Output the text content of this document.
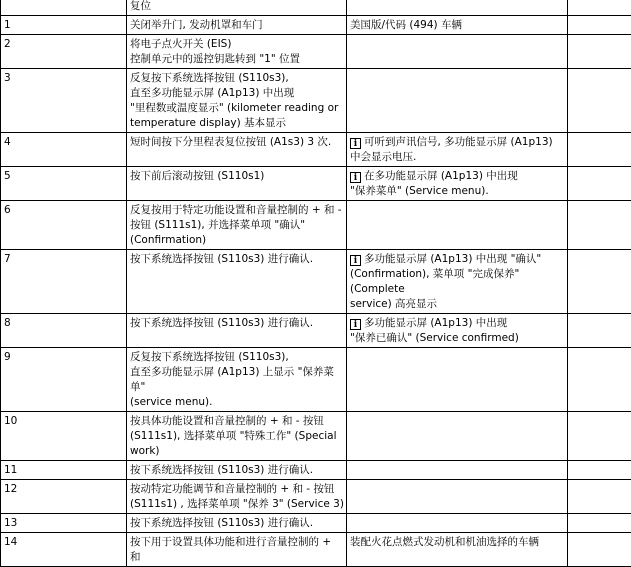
	复位		

1	关闭举升门, 发动机罩和车门	美国版/代码 (494) 车辆	

2	将电子点火开关 (EIS)
控制单元中的遥控钥匙转到 "1" 位置		

3	反复按下系统选择按钮 (S110s3),
直至多功能显示屏 (A1p13) 中出现
"里程数或温度显示" (kilometer reading or
temperature display) 基本显示		

4	短时间按下分里程表复位按钮 (A1s3) 3 次.	i 可听到声讯信号, 多功能显示屏 (A1p13)
中会显示电压.	

5	按下前后滚动按钮 (S110s1)	i 在多功能显示屏 (A1p13) 中出现
"保养菜单" (Service menu).	

6	反复按用于特定功能设置和音量控制的 + 和 -
按钮 (S111s1), 并选择菜单项 "确认"
(Confirmation)		

7	按下系统选择按钮 (S110s3) 进行确认.	i 多功能显示屏 (A1p13) 中出现 "确认"
(Confirmation), 菜单项 "完成保养" (Complete
service) 高亮显示	

8	按下系统选择按钮 (S110s3) 进行确认.	i 多功能显示屏 (A1p13) 中出现
"保养已确认" (Service confirmed)	

9	反复按下系统选择按钮 (S110s3),
直至多功能显示屏 (A1p13) 上显示 "保养菜单"
(service menu).		

10	按具体功能设置和音量控制的 + 和 - 按钮
(S111s1), 选择菜单项 "特殊工作" (Special
work)		

11	按下系统选择按钮 (S110s3) 进行确认.		

12	按动特定功能调节和音量控制的 + 和 - 按钮
(S111s1) , 选择菜单项 "保养 3" (Service 3)		

13	按下系统选择按钮 (S110s3) 进行确认.		

14	按下用于设置具体功能和进行音量控制的 + 和	装配火花点燃式发动机和机油选择的车辆	
